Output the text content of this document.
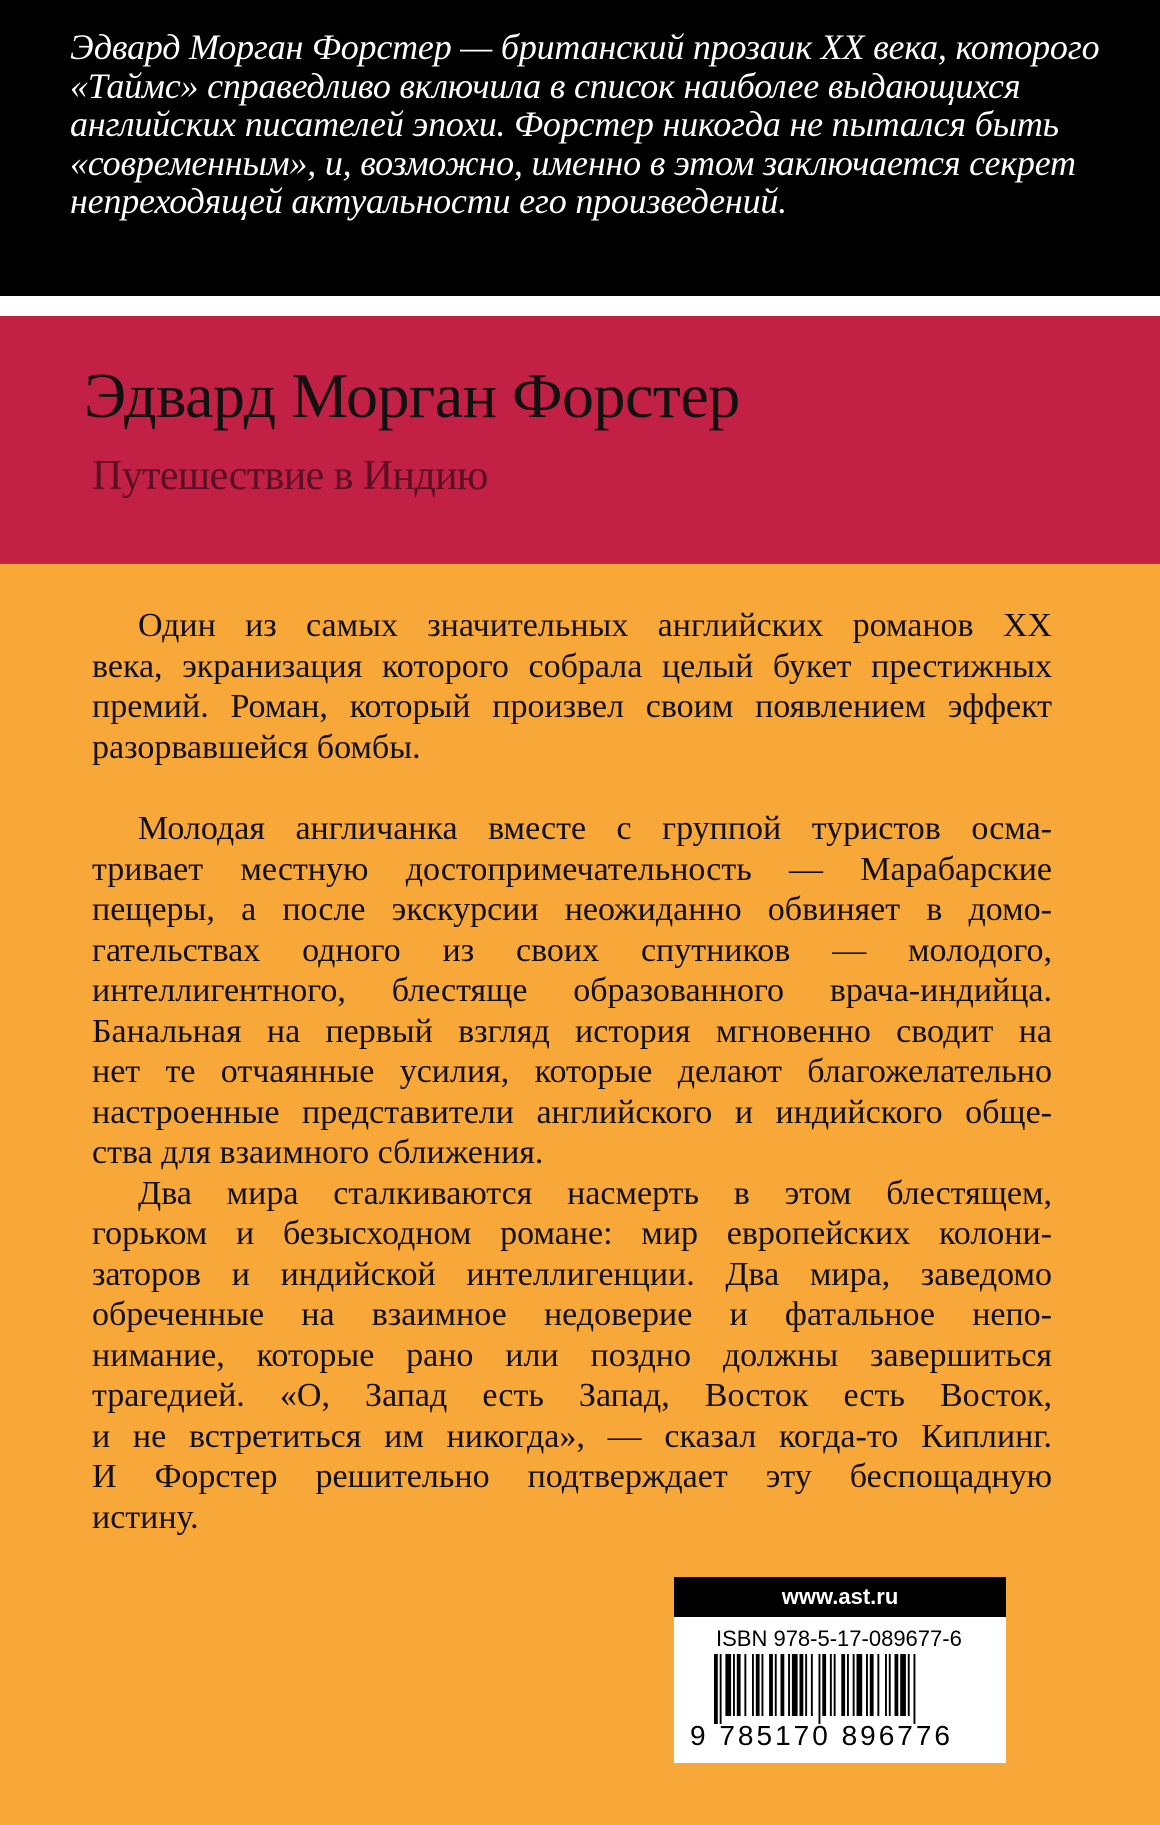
Эдвард Морган Форстер — британский прозаик XX века, которого
«Таймс» справедливо включила в список наиболее выдающихся
английских писателей эпохи. Форстер никогда не пытался быть
«современным», и, возможно, именно в этом заключается секрет
непреходящей актуальности его произведений.
Эдвард Морган Форстер
Путешествие в Индию
Один из самых значительных английских романов XX
века, экранизация которого собрала целый букет престижных
премий. Роман, который произвел своим появлением эффект
разорвавшейся бомбы.
Молодая англичанка вместе с группой туристов осма-
тривает местную достопримечательность — Марабарские
пещеры, а после экскурсии неожиданно обвиняет в домо-
гательствах одного из своих спутников — молодого,
интеллигентного, блестяще образованного врача-индийца.
Банальная на первый взгляд история мгновенно сводит на
нет те отчаянные усилия, которые делают благожелательно
настроенные представители английского и индийского обще-
ства для взаимного сближения.
Два мира сталкиваются насмерть в этом блестящем,
горьком и безысходном романе: мир европейских колони-
заторов и индийской интеллигенции. Два мира, заведомо
обреченные на взаимное недоверие и фатальное непо-
нимание, которые рано или поздно должны завершиться
трагедией. «О, Запад есть Запад, Восток есть Восток,
и не встретиться им никогда», — сказал когда-то Киплинг.
И Форстер решительно подтверждает эту беспощадную
истину.
www.ast.ru
ISBN 978-5-17-089677-6
9 785170 896776
